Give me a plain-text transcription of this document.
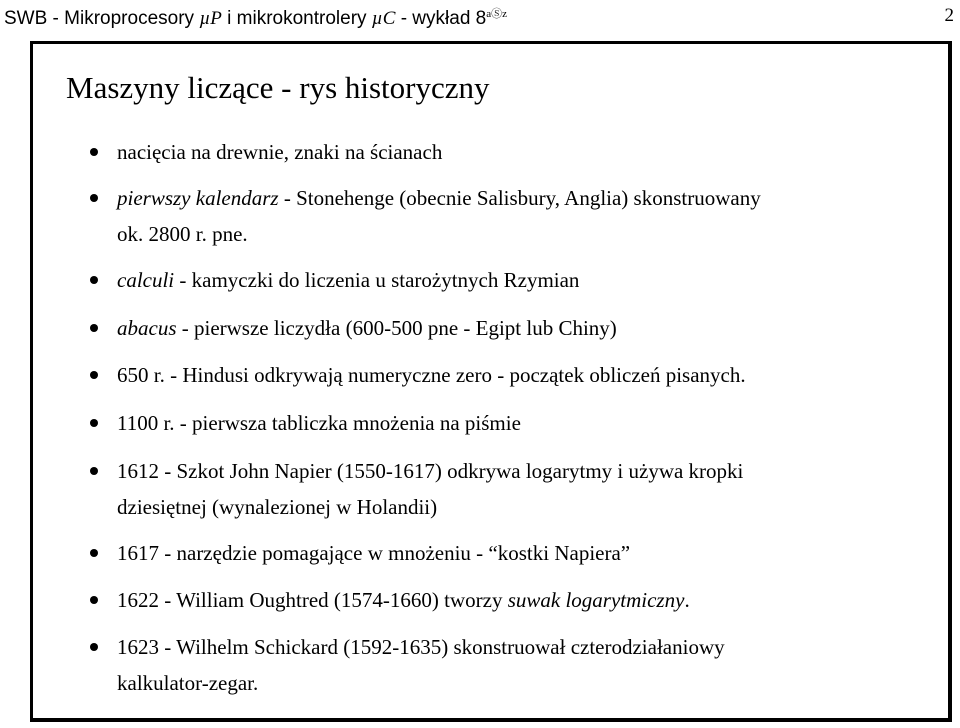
SWB - Mikroprocesory µP i mikrokontrolery µC - wykład $8^{aⓈz}$	2
Maszyny liczące - rys historyczny
nacięcia na drewnie, znaki na ścianach
pierwszy kalendarz - Stonehenge (obecnie Salisbury, Anglia) skonstruowany
ok. 2800 r. pne.
calculi - kamyczki do liczenia u starożytnych Rzymian
abacus - pierwsze liczydła (600-500 pne - Egipt lub Chiny)
650 r. - Hindusi odkrywają numeryczne zero - początek obliczeń pisanych.
1100 r. - pierwsza tabliczka mnożenia na piśmie
1612 - Szkot John Napier (1550-1617) odkrywa logarytmy i używa kropki
dziesiętnej (wynalezionej w Holandii)
1617 - narzędzie pomagające w mnożeniu - “kostki Napiera”
1622 - William Oughtred (1574-1660) tworzy suwak logarytmiczny.
1623 - Wilhelm Schickard (1592-1635) skonstruował czterodziałaniowy
kalkulator-zegar.
